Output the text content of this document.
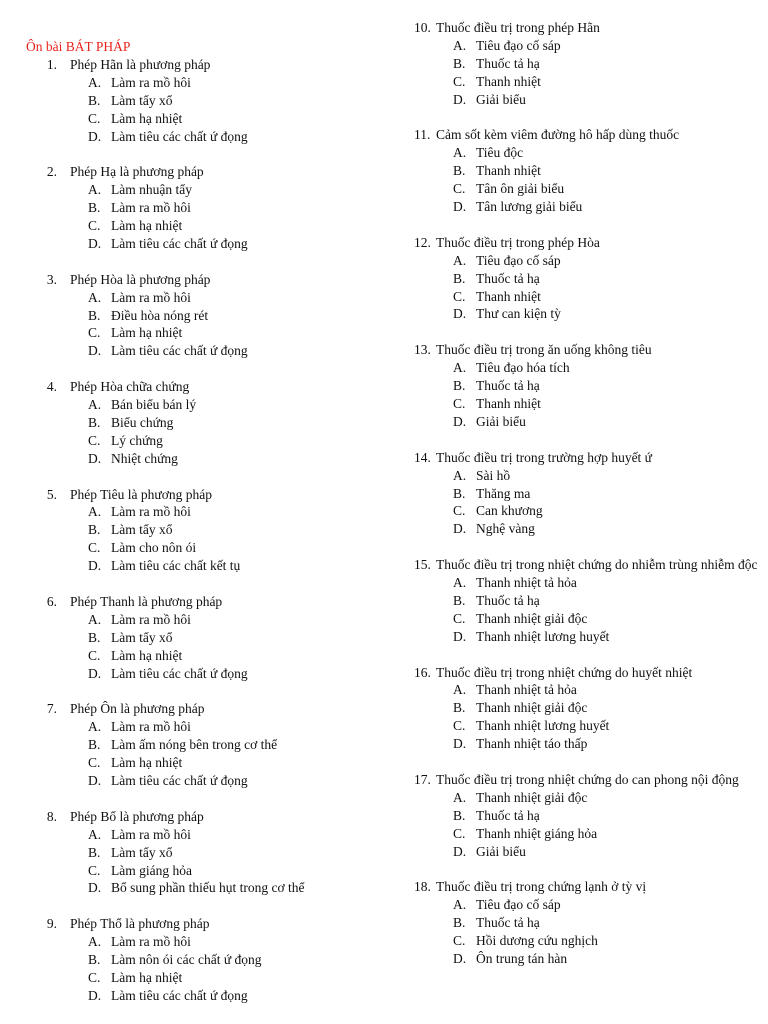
Ôn bài BÁT PHÁP
1. Phép Hãn là phương pháp
A. Làm ra mồ hôi
B. Làm tẩy xổ
C. Làm hạ nhiệt
D. Làm tiêu các chất ứ đọng
2. Phép Hạ là phương pháp
A. Làm nhuận tẩy
B. Làm ra mồ hôi
C. Làm hạ nhiệt
D. Làm tiêu các chất ứ đọng
3. Phép Hòa là phương pháp
A. Làm ra mồ hôi
B. Điều hòa nóng rét
C. Làm hạ nhiệt
D. Làm tiêu các chất ứ đọng
4. Phép Hòa chữa chứng
A. Bán biểu bán lý
B. Biểu chứng
C. Lý chứng
D. Nhiệt chứng
5. Phép Tiêu là phương pháp
A. Làm ra mồ hôi
B. Làm tẩy xổ
C. Làm cho nôn ói
D. Làm tiêu các chất kết tụ
6. Phép Thanh là phương pháp
A. Làm ra mồ hôi
B. Làm tẩy xổ
C. Làm hạ nhiệt
D. Làm tiêu các chất ứ đọng
7. Phép Ôn là phương pháp
A. Làm ra mồ hôi
B. Làm ấm nóng bên trong cơ thể
C. Làm hạ nhiệt
D. Làm tiêu các chất ứ đọng
8. Phép Bổ là phương pháp
A. Làm ra mồ hôi
B. Làm tẩy xổ
C. Làm giáng hỏa
D. Bổ sung phần thiếu hụt trong cơ thể
9. Phép Thổ là phương pháp
A. Làm ra mồ hôi
B. Làm nôn ói các chất ứ đọng
C. Làm hạ nhiệt
D. Làm tiêu các chất ứ đọng
10. Thuốc điều trị trong phép Hãn
A. Tiêu đạo cố sáp
B. Thuốc tả hạ
C. Thanh nhiệt
D. Giải biểu
11. Cảm sốt kèm viêm đường hô hấp dùng thuốc
A. Tiêu độc
B. Thanh nhiệt
C. Tân ôn giải biểu
D. Tân lương giải biểu
12. Thuốc điều trị trong phép Hòa
A. Tiêu đạo cố sáp
B. Thuốc tả hạ
C. Thanh nhiệt
D. Thư can kiện tỳ
13. Thuốc điều trị trong ăn uống không tiêu
A. Tiêu đạo hóa tích
B. Thuốc tả hạ
C. Thanh nhiệt
D. Giải biểu
14. Thuốc điều trị trong trường hợp huyết ứ
A. Sài hồ
B. Thăng ma
C. Can khương
D. Nghệ vàng
15. Thuốc điều trị trong nhiệt chứng do nhiễm trùng nhiễm độc
A. Thanh nhiệt tả hỏa
B. Thuốc tả hạ
C. Thanh nhiệt giải độc
D. Thanh nhiệt lương huyết
16. Thuốc điều trị trong nhiệt chứng do huyết nhiệt
A. Thanh nhiệt tả hỏa
B. Thanh nhiệt giải độc
C. Thanh nhiệt lương huyết
D. Thanh nhiệt táo thấp
17. Thuốc điều trị trong nhiệt chứng do can phong nội động
A. Thanh nhiệt giải độc
B. Thuốc tả hạ
C. Thanh nhiệt giáng hỏa
D. Giải biểu
18. Thuốc điều trị trong chứng lạnh ở tỳ vị
A. Tiêu đạo cố sáp
B. Thuốc tả hạ
C. Hồi dương cứu nghịch
D. Ôn trung tán hàn
